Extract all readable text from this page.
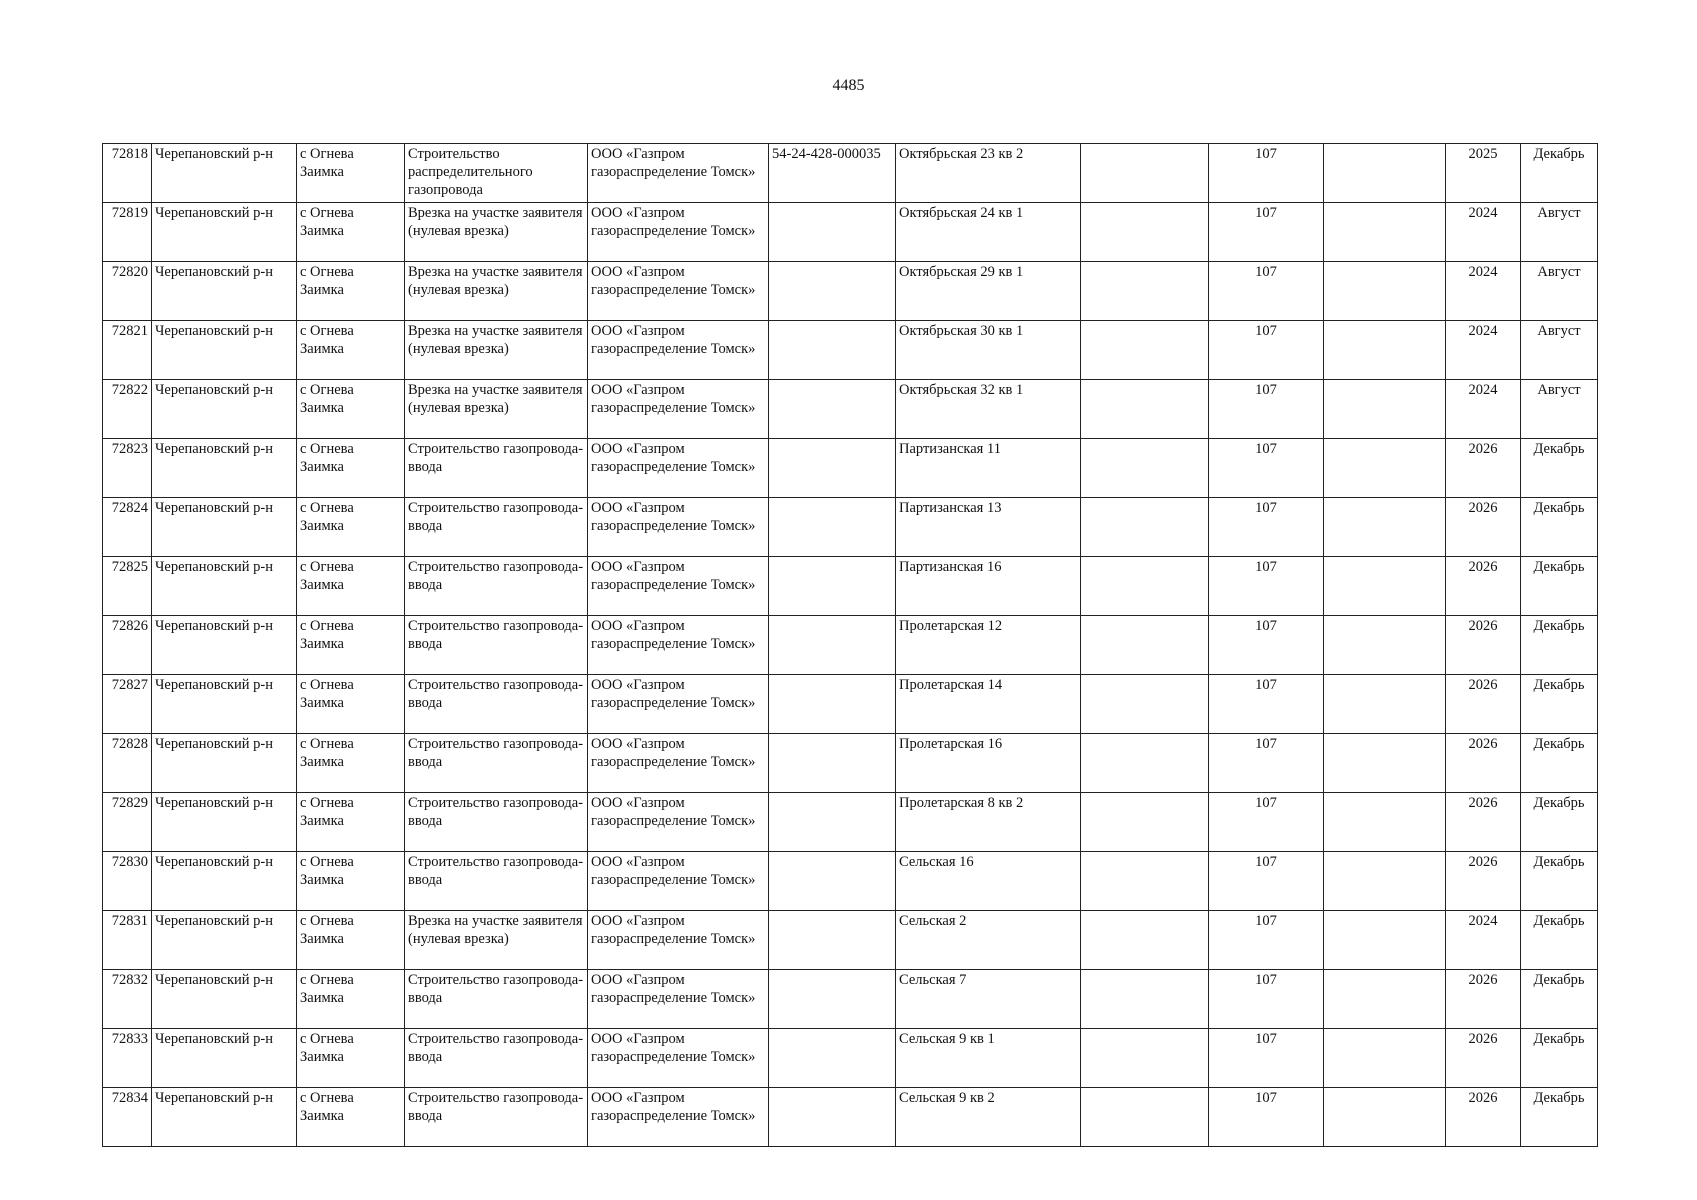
4485
72818	Черепановский р-н	с Огнева Заимка	Строительство распределительного газопровода	ООО «Газпром газораспределение Томск»	54-24-428-000035	Октябрьская 23 кв 2		107		2025	Декабрь
72819	Черепановский р-н	с Огнева Заимка	Врезка на участке заявителя (нулевая врезка)	ООО «Газпром газораспределение Томск»		Октябрьская 24 кв 1		107		2024	Август
72820	Черепановский р-н	с Огнева Заимка	Врезка на участке заявителя (нулевая врезка)	ООО «Газпром газораспределение Томск»		Октябрьская 29 кв 1		107		2024	Август
72821	Черепановский р-н	с Огнева Заимка	Врезка на участке заявителя (нулевая врезка)	ООО «Газпром газораспределение Томск»		Октябрьская 30 кв 1		107		2024	Август
72822	Черепановский р-н	с Огнева Заимка	Врезка на участке заявителя (нулевая врезка)	ООО «Газпром газораспределение Томск»		Октябрьская 32 кв 1		107		2024	Август
72823	Черепановский р-н	с Огнева Заимка	Строительство газопровода-ввода	ООО «Газпром газораспределение Томск»		Партизанская 11		107		2026	Декабрь
72824	Черепановский р-н	с Огнева Заимка	Строительство газопровода-ввода	ООО «Газпром газораспределение Томск»		Партизанская 13		107		2026	Декабрь
72825	Черепановский р-н	с Огнева Заимка	Строительство газопровода-ввода	ООО «Газпром газораспределение Томск»		Партизанская 16		107		2026	Декабрь
72826	Черепановский р-н	с Огнева Заимка	Строительство газопровода-ввода	ООО «Газпром газораспределение Томск»		Пролетарская 12		107		2026	Декабрь
72827	Черепановский р-н	с Огнева Заимка	Строительство газопровода-ввода	ООО «Газпром газораспределение Томск»		Пролетарская 14		107		2026	Декабрь
72828	Черепановский р-н	с Огнева Заимка	Строительство газопровода-ввода	ООО «Газпром газораспределение Томск»		Пролетарская 16		107		2026	Декабрь
72829	Черепановский р-н	с Огнева Заимка	Строительство газопровода-ввода	ООО «Газпром газораспределение Томск»		Пролетарская 8 кв 2		107		2026	Декабрь
72830	Черепановский р-н	с Огнева Заимка	Строительство газопровода-ввода	ООО «Газпром газораспределение Томск»		Сельская 16		107		2026	Декабрь
72831	Черепановский р-н	с Огнева Заимка	Врезка на участке заявителя (нулевая врезка)	ООО «Газпром газораспределение Томск»		Сельская 2		107		2024	Декабрь
72832	Черепановский р-н	с Огнева Заимка	Строительство газопровода-ввода	ООО «Газпром газораспределение Томск»		Сельская 7		107		2026	Декабрь
72833	Черепановский р-н	с Огнева Заимка	Строительство газопровода-ввода	ООО «Газпром газораспределение Томск»		Сельская 9 кв 1		107		2026	Декабрь
72834	Черепановский р-н	с Огнева Заимка	Строительство газопровода-ввода	ООО «Газпром газораспределение Томск»		Сельская 9 кв 2		107		2026	Декабрь
